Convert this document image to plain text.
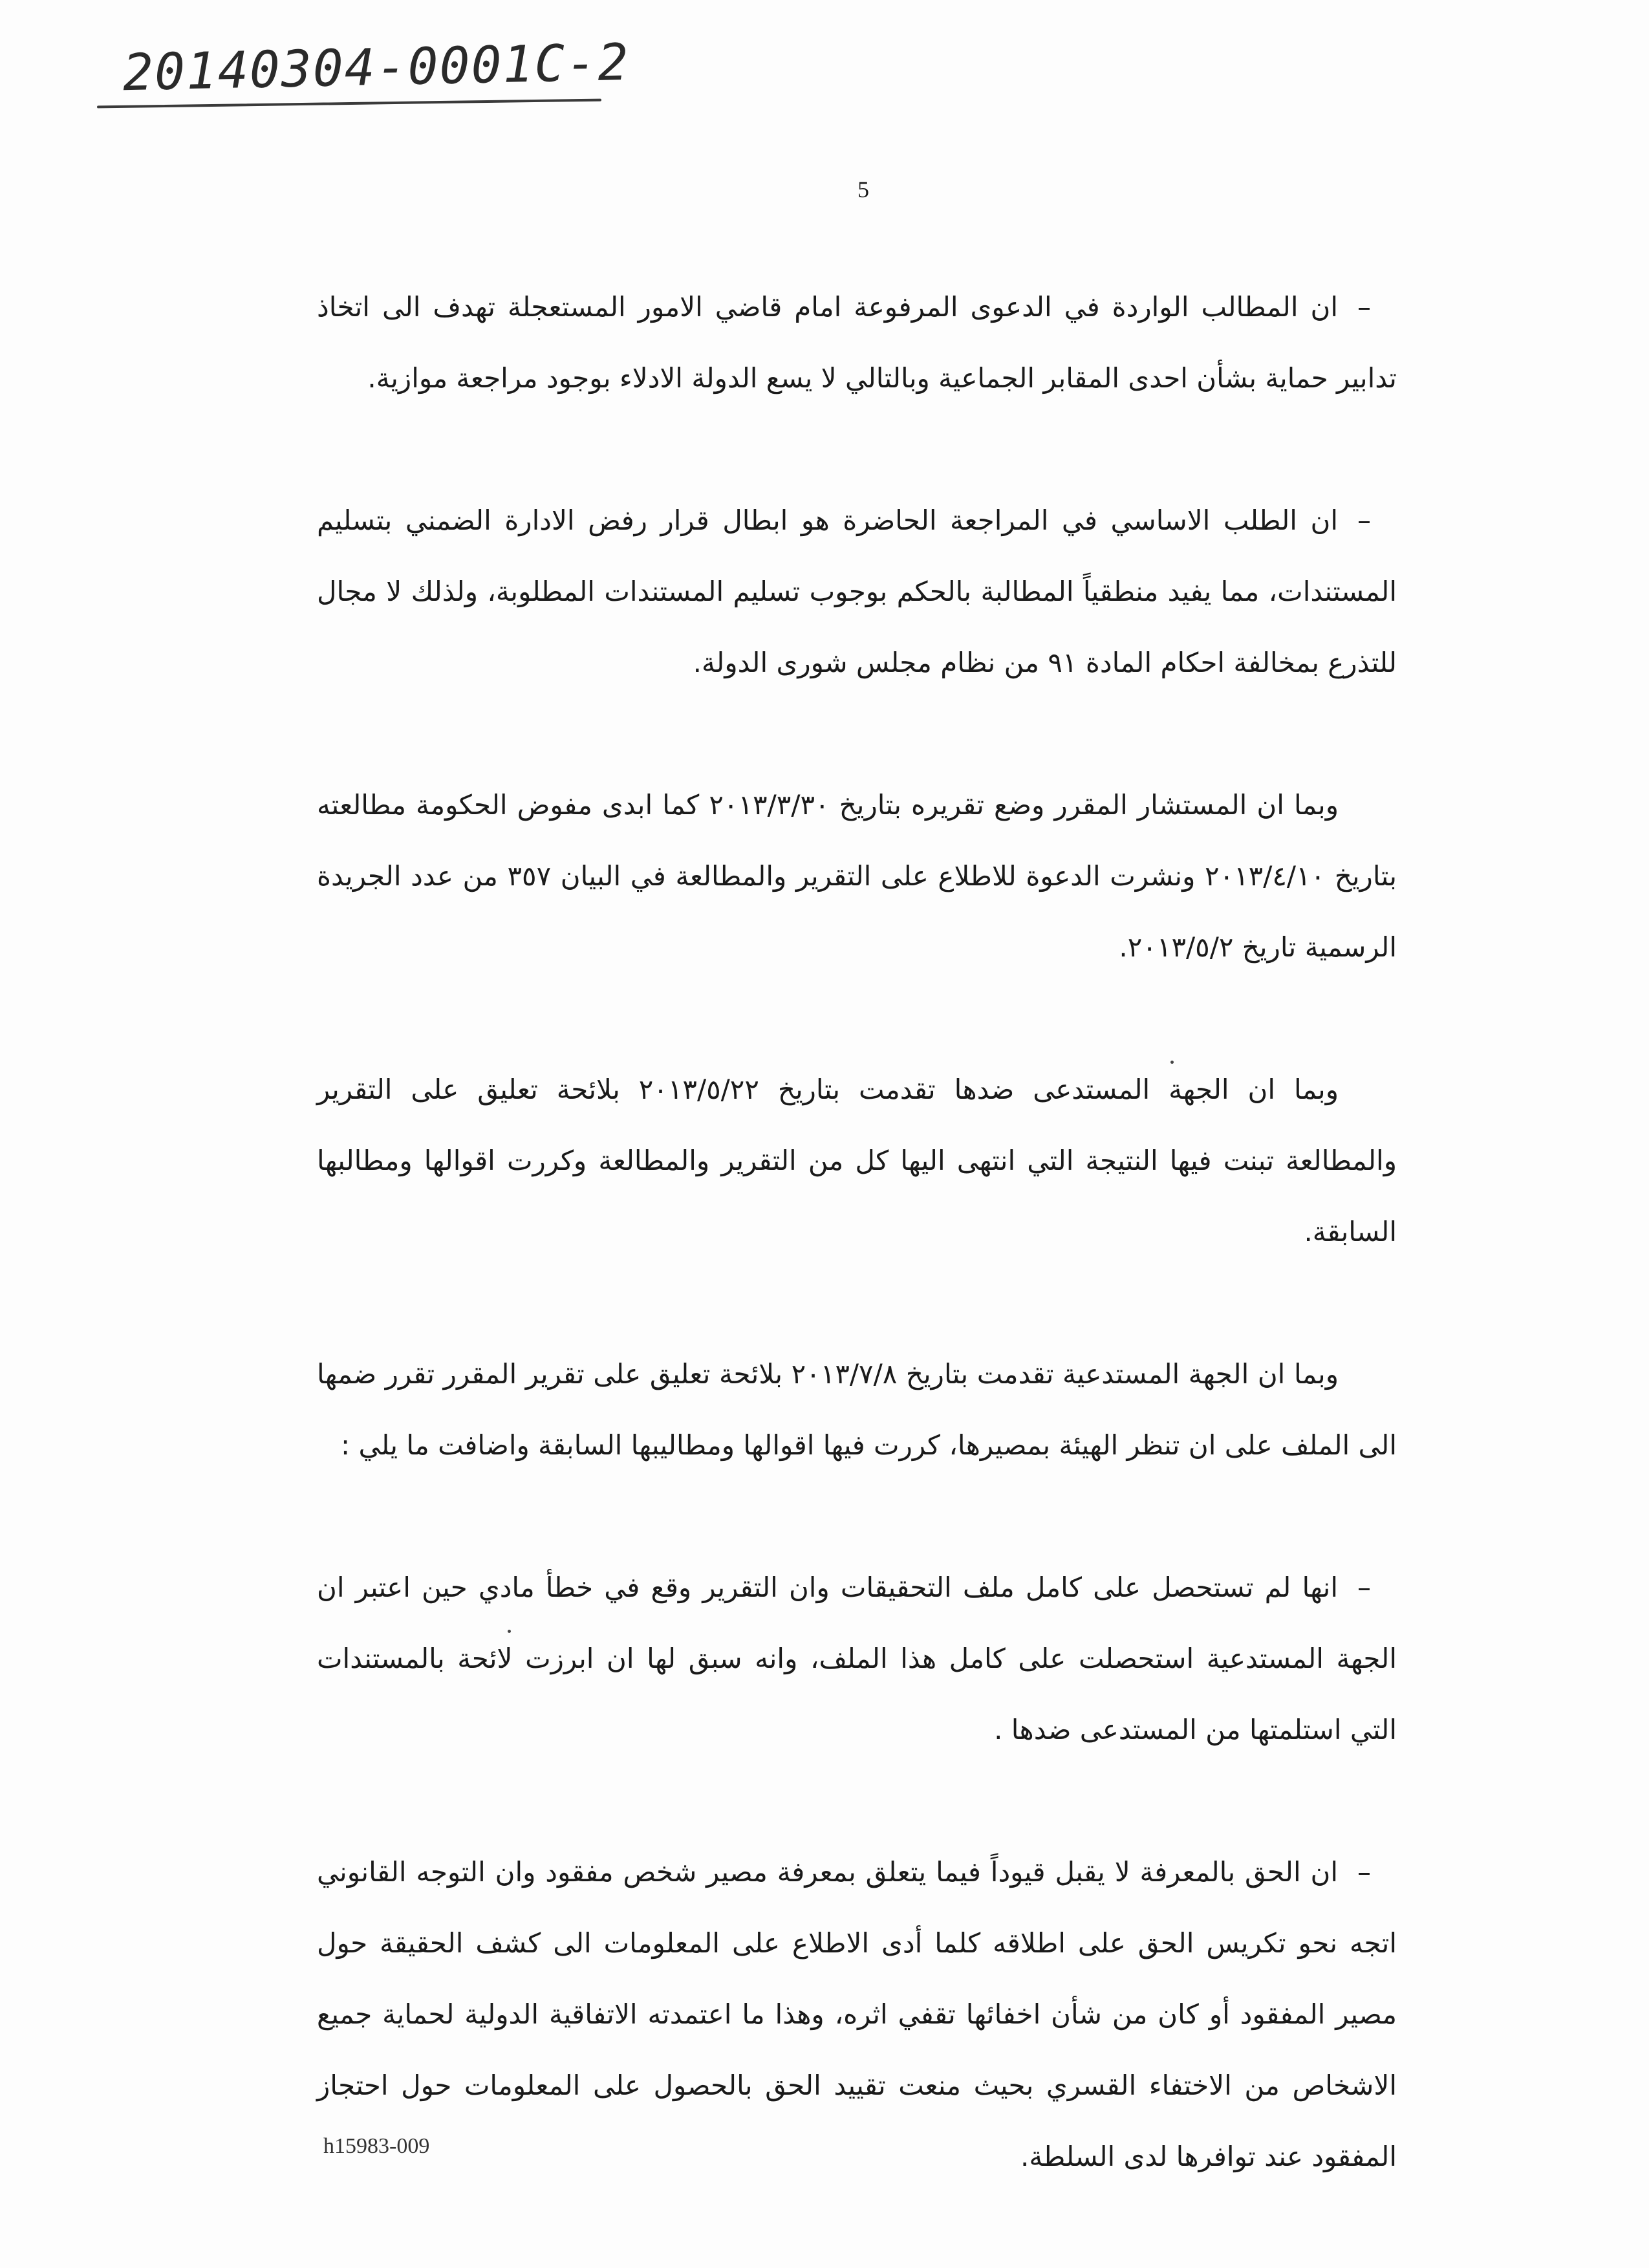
20140304-0001C-2
5

–ان المطالب الواردة في الدعوى المرفوعة امام قاضي الامور المستعجلة تهدف الى اتخاذ تدابير حماية بشأن احدى المقابر الجماعية وبالتالي لا يسع الدولة الادلاء بوجود مراجعة موازية.

–ان الطلب الاساسي في المراجعة الحاضرة هو ابطال قرار رفض الادارة الضمني بتسليم المستندات، مما يفيد منطقياً المطالبة بالحكم بوجوب تسليم المستندات المطلوبة، ولذلك لا مجال للتذرع بمخالفة احكام المادة ٩١ من نظام مجلس شورى الدولة.

وبما ان المستشار المقرر وضع تقريره بتاريخ ٢٠١٣/٣/٣٠ كما ابدى مفوض الحكومة مطالعته بتاريخ ٢٠١٣/٤/١٠ ونشرت الدعوة للاطلاع على التقرير والمطالعة في البيان ٣٥٧ من عدد الجريدة الرسمية تاريخ ٢٠١٣/٥/٢.

وبما ان الجهة المستدعى ضدها تقدمت بتاريخ ٢٠١٣/٥/٢٢ بلائحة تعليق على التقرير والمطالعة تبنت فيها النتيجة التي انتهى اليها كل من التقرير والمطالعة وكررت اقوالها ومطالبها السابقة.

وبما ان الجهة المستدعية تقدمت بتاريخ ٢٠١٣/٧/٨ بلائحة تعليق على تقرير المقرر تقرر ضمها الى الملف على ان تنظر الهيئة بمصيرها، كررت فيها اقوالها ومطاليبها السابقة واضافت ما يلي :

–انها لم تستحصل على كامل ملف التحقيقات وان التقرير وقع في خطأ مادي حين اعتبر ان الجهة المستدعية استحصلت على كامل هذا الملف، وانه سبق لها ان ابرزت لائحة بالمستندات التي استلمتها من المستدعى ضدها .

–ان الحق بالمعرفة لا يقبل قيوداً فيما يتعلق بمعرفة مصير شخص مفقود وان التوجه القانوني اتجه نحو تكريس الحق على اطلاقه كلما أدى الاطلاع على المعلومات الى كشف الحقيقة حول مصير المفقود أو كان من شأن اخفائها تقفي اثره، وهذا ما اعتمدته الاتفاقية الدولية لحماية جميع الاشخاص من الاختفاء القسري بحيث منعت تقييد الحق بالحصول على المعلومات حول احتجاز المفقود عند توافرها لدى السلطة.

h15983-009
